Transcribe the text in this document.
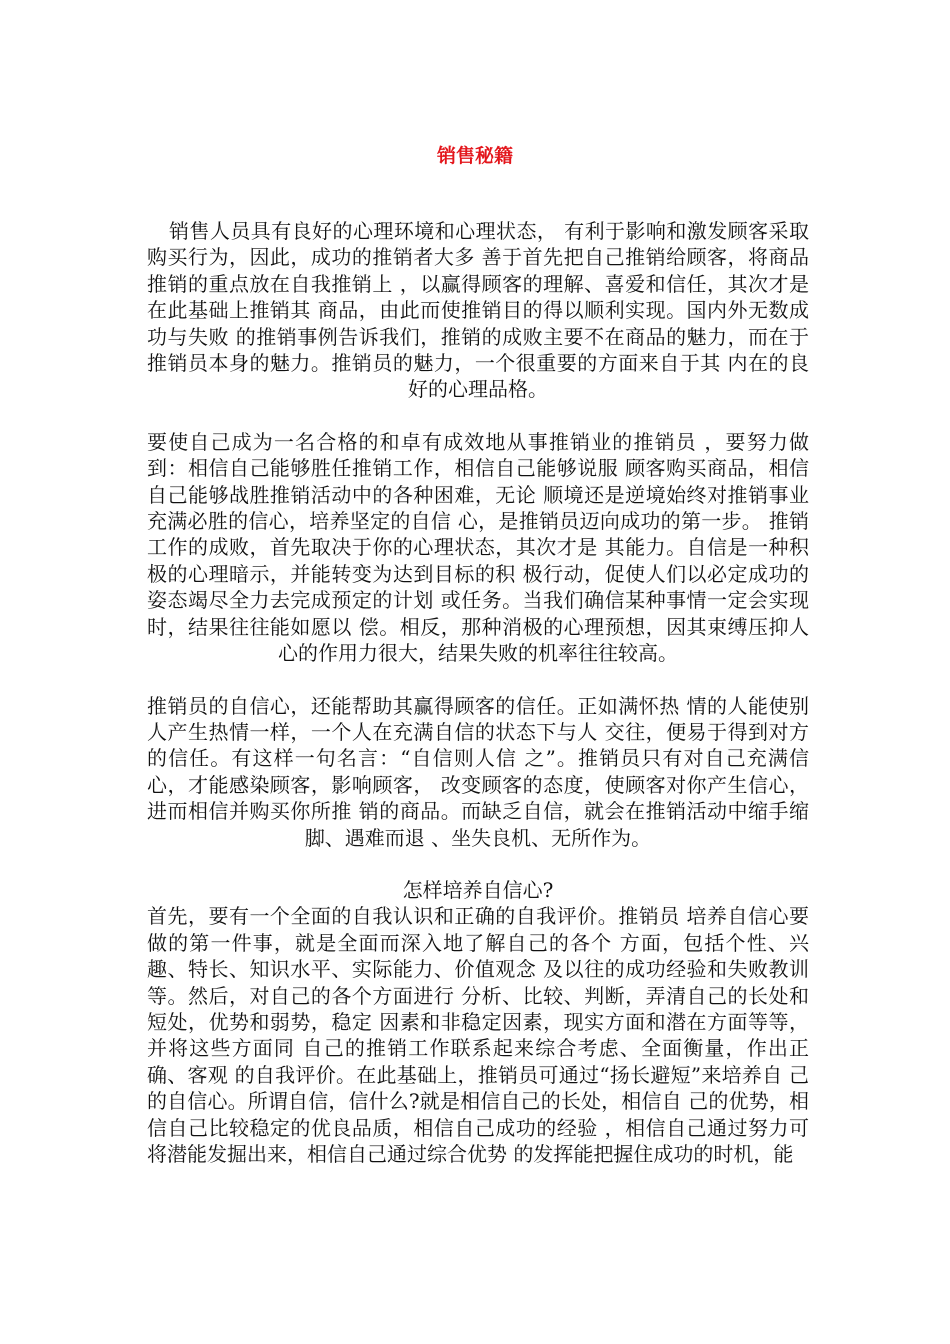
销售秘籍

销售人员具有良好的心理环境和心理状态， 有利于影响和激发顾客采取购买行为，因此，成功的推销者大多 善于首先把自己推销给顾客，将商品推销的重点放在自我推销上 ，以赢得顾客的理解、喜爱和信任，其次才是在此基础上推销其 商品，由此而使推销目的得以顺利实现。国内外无数成功与失败 的推销事例告诉我们，推销的成败主要不在商品的魅力，而在于 推销员本身的魅力。推销员的魅力，一个很重要的方面来自于其 内在的良好的心理品格。

要使自己成为一名合格的和卓有成效地从事推销业的推销员 ，要努力做到：相信自己能够胜任推销工作，相信自己能够说服 顾客购买商品，相信自己能够战胜推销活动中的各种困难，无论 顺境还是逆境始终对推销事业充满必胜的信心，培养坚定的自信 心，是推销员迈向成功的第一步。 推销工作的成败，首先取决于你的心理状态，其次才是 其能力。自信是一种积极的心理暗示，并能转变为达到目标的积 极行动，促使人们以必定成功的姿态竭尽全力去完成预定的计划 或任务。当我们确信某种事情一定会实现时，结果往往能如愿以 偿。相反，那种消极的心理预想，因其束缚压抑人心的作用力很大，结果失败的机率往往较高。

推销员的自信心，还能帮助其赢得顾客的信任。正如满怀热 情的人能使别人产生热情一样，一个人在充满自信的状态下与人 交往，便易于得到对方的信任。有这样一句名言：“自信则人信 之”。推销员只有对自己充满信心，才能感染顾客，影响顾客， 改变顾客的态度，使顾客对你产生信心，进而相信并购买你所推 销的商品。而缺乏自信，就会在推销活动中缩手缩脚、遇难而退 、坐失良机、无所作为。

怎样培养自信心?

首先，要有一个全面的自我认识和正确的自我评价。推销员 培养自信心要做的第一件事，就是全面而深入地了解自己的各个 方面，包括个性、兴趣、特长、知识水平、实际能力、价值观念 及以往的成功经验和失败教训等。然后，对自己的各个方面进行 分析、比较、判断，弄清自己的长处和短处，优势和弱势，稳定 因素和非稳定因素，现实方面和潜在方面等等，并将这些方面同 自己的推销工作联系起来综合考虑、全面衡量，作出正确、客观 的自我评价。在此基础上，推销员可通过“扬长避短”来培养自 己的自信心。所谓自信，信什么?就是相信自己的长处，相信自 己的优势，相信自己比较稳定的优良品质，相信自己成功的经验 ，相信自己通过努力可将潜能发掘出来，相信自己通过综合优势 的发挥能把握住成功的时机，能
